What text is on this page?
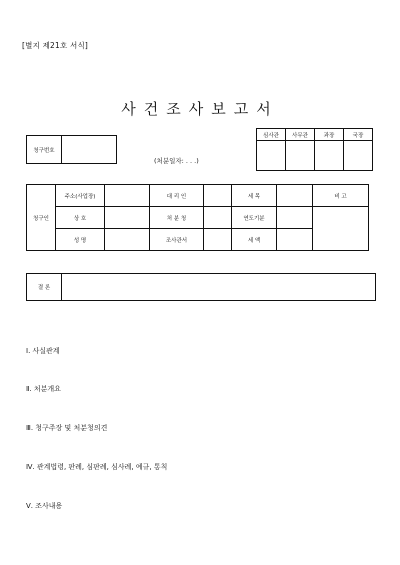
[별지 제21호 서식]
사건조사보고서
심사관	사무관	과장	국장

청구번호	
(처분일자: . . .)
청구인	주소(사업장)		대 리 인		세 목		비 고
	상 호		처 분 청		연도기분		
	성 명		조사관서		세 액		
결 론	
Ⅰ. 사실관계
Ⅱ. 처분개요
Ⅲ. 청구주장 및 처분청의견
Ⅳ. 관계법령, 판례, 심판례, 심사례, 예규, 통칙
Ⅴ. 조사내용
